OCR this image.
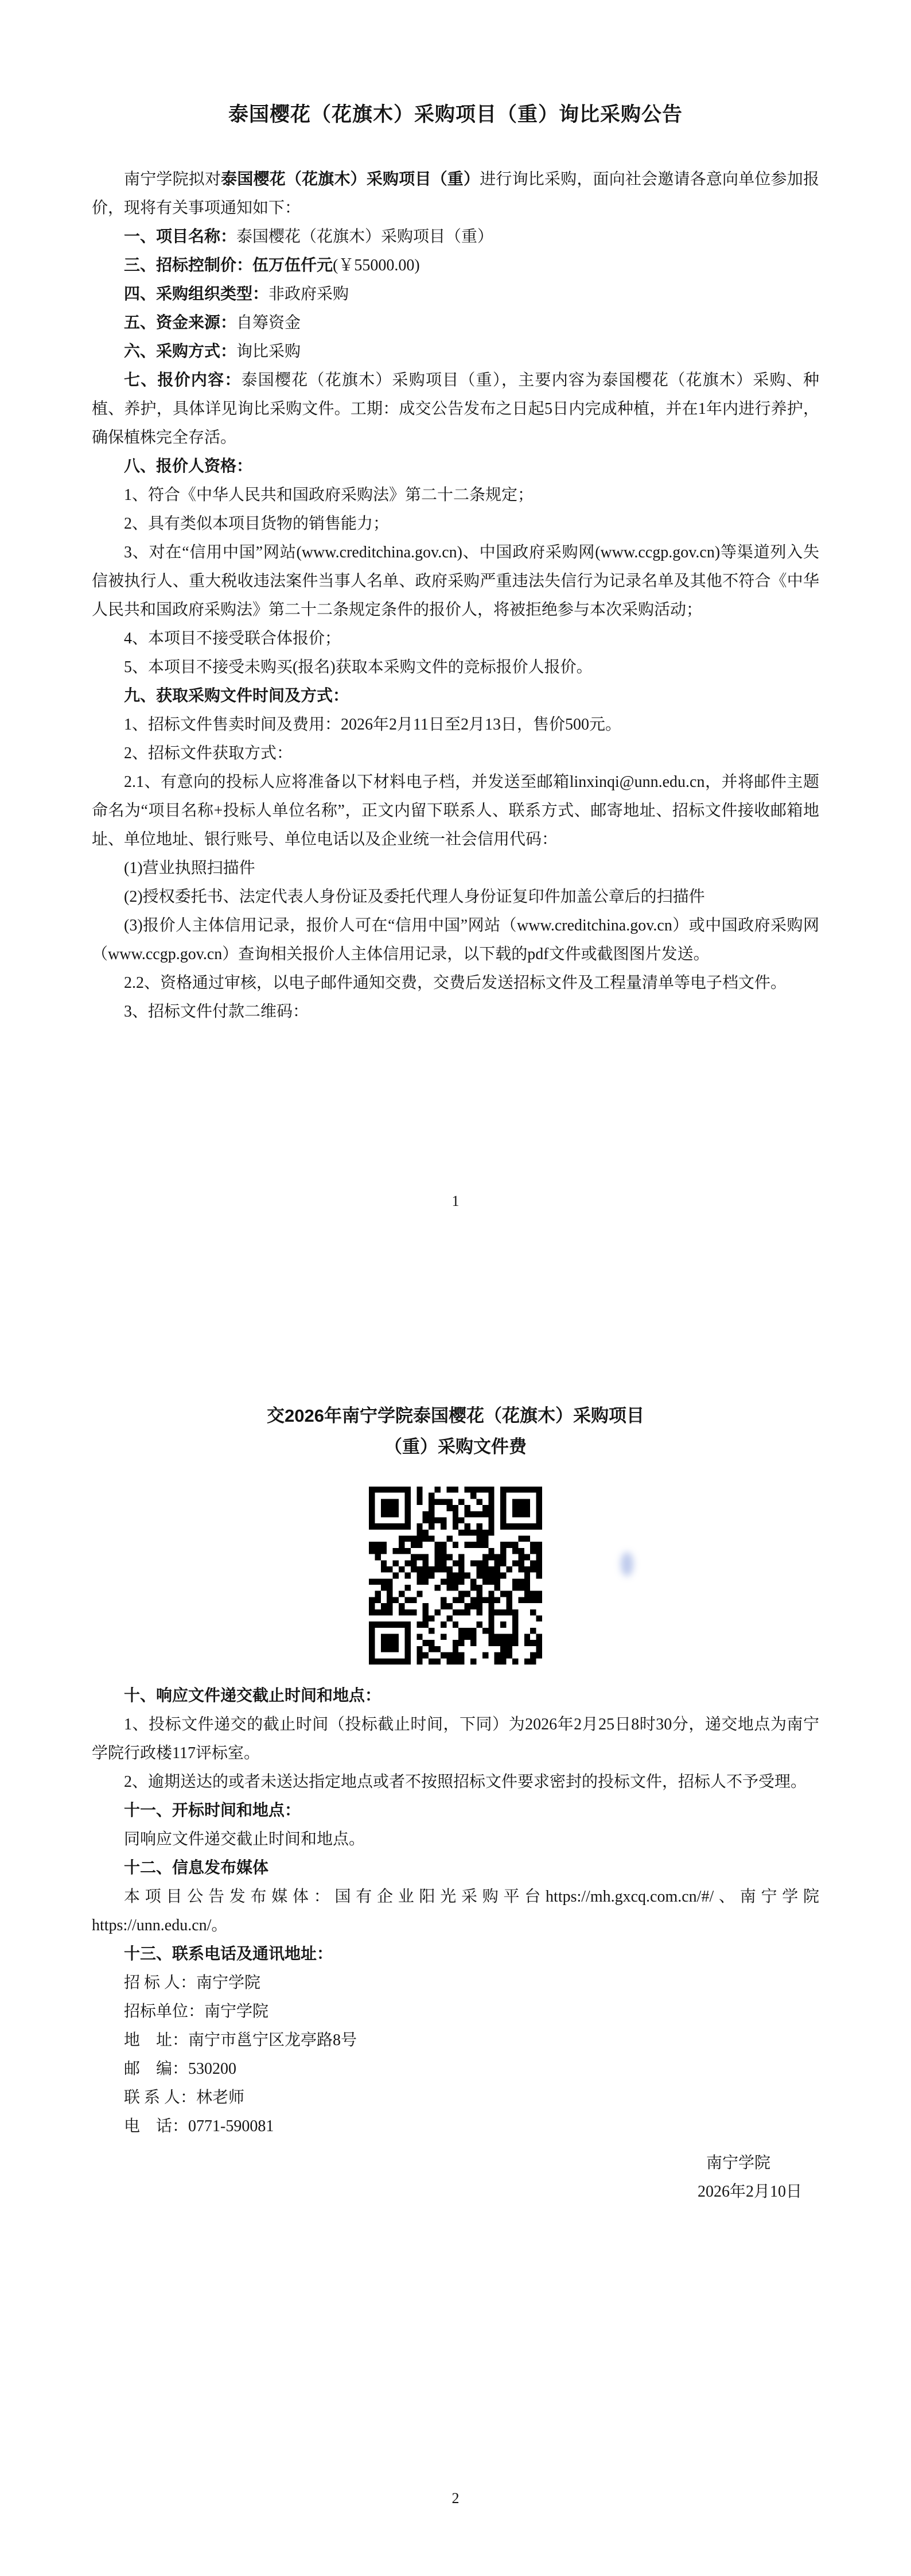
泰国樱花（花旗木）采购项目（重）询比采购公告

南宁学院拟对泰国樱花（花旗木）采购项目（重）进行询比采购，面向社会邀请各意向单位参加报价，现将有关事项通知如下：

一、项目名称：泰国樱花（花旗木）采购项目（重）

三、招标控制价：伍万伍仟元(￥55000.00)

四、采购组织类型：非政府采购

五、资金来源：自筹资金

六、采购方式：询比采购

七、报价内容：泰国樱花（花旗木）采购项目（重），主要内容为泰国樱花（花旗木）采购、种植、养护，具体详见询比采购文件。工期：成交公告发布之日起5日内完成种植，并在1年内进行养护，确保植株完全存活。

八、报价人资格：

1、符合《中华人民共和国政府采购法》第二十二条规定；

2、具有类似本项目货物的销售能力；

3、对在“信用中国”网站(www.creditchina.gov.cn)、中国政府采购网(www.ccgp.gov.cn)等渠道列入失信被执行人、重大税收违法案件当事人名单、政府采购严重违法失信行为记录名单及其他不符合《中华人民共和国政府采购法》第二十二条规定条件的报价人，将被拒绝参与本次采购活动；

4、本项目不接受联合体报价；

5、本项目不接受未购买(报名)获取本采购文件的竞标报价人报价。

九、获取采购文件时间及方式：

1、招标文件售卖时间及费用：2026年2月11日至2月13日，售价500元。

2、招标文件获取方式：

2.1、有意向的投标人应将准备以下材料电子档，并发送至邮箱linxinqi@unn.edu.cn，并将邮件主题命名为“项目名称+投标人单位名称”，正文内留下联系人、联系方式、邮寄地址、招标文件接收邮箱地址、单位地址、银行账号、单位电话以及企业统一社会信用代码：

(1)营业执照扫描件

(2)授权委托书、法定代表人身份证及委托代理人身份证复印件加盖公章后的扫描件

(3)报价人主体信用记录，报价人可在“信用中国”网站（www.creditchina.gov.cn）或中国政府采购网（www.ccgp.gov.cn）查询相关报价人主体信用记录，以下载的pdf文件或截图图片发送。

2.2、资格通过审核，以电子邮件通知交费，交费后发送招标文件及工程量清单等电子档文件。

3、招标文件付款二维码：

1

交2026年南宁学院泰国樱花（花旗木）采购项目（重）采购文件费

十、响应文件递交截止时间和地点：

1、投标文件递交的截止时间（投标截止时间，下同）为2026年2月25日8时30分，递交地点为南宁学院行政楼117评标室。

2、逾期送达的或者未送达指定地点或者不按照招标文件要求密封的投标文件，招标人不予受理。

十一、开标时间和地点：

同响应文件递交截止时间和地点。

十二、信息发布媒体

本项目公告发布媒体：国有企业阳光采购平台https://mh.gxcq.com.cn/#/、南宁学院https://unn.edu.cn/。

十三、联系电话及通讯地址：

招 标 人：南宁学院

招标单位：南宁学院

地    址：南宁市邕宁区龙亭路8号

邮    编：530200

联 系 人：林老师

电    话：0771-590081

南宁学院

2026年2月10日

2
